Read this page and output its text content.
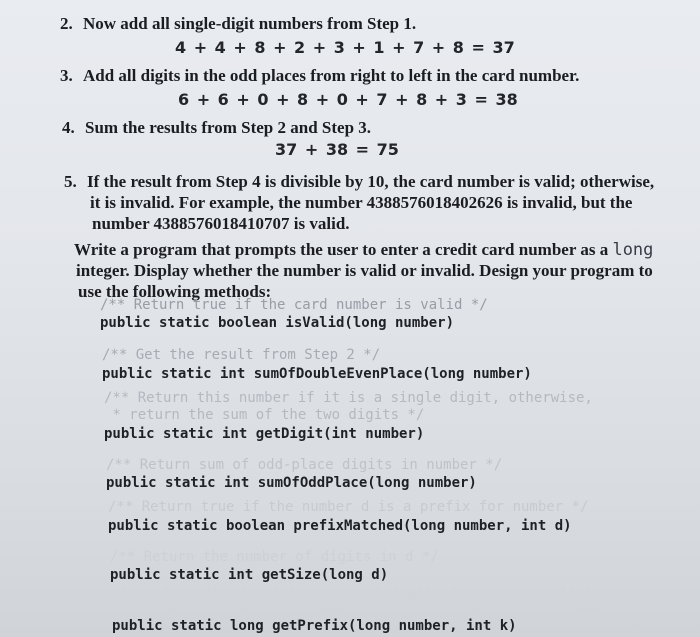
2. Now add all single-digit numbers from Step 1.
4 + 4 + 8 + 2 + 3 + 1 + 7 + 8 = 37
3. Add all digits in the odd places from right to left in the card number.
6 + 6 + 0 + 8 + 0 + 7 + 8 + 3 = 38
4. Sum the results from Step 2 and Step 3.
37 + 38 = 75
5. If the result from Step 4 is divisible by 10, the card number is valid; otherwise,
it is invalid. For example, the number 4388576018402626 is invalid, but the
number 4388576018410707 is valid.
Write a program that prompts the user to enter a credit card number as a long
integer. Display whether the number is valid or invalid. Design your program to
use the following methods:
/** Return true if the card number is valid */
public static boolean isValid(long number)
/** Get the result from Step 2 */
public static int sumOfDoubleEvenPlace(long number)
/** Return this number if it is a single digit, otherwise,
* return the sum of the two digits */
public static int getDigit(int number)
/** Return sum of odd-place digits in number */
public static int sumOfOddPlace(long number)
/** Return true if the number d is a prefix for number */
public static boolean prefixMatched(long number, int d)
/** Return the number of digits in d */
public static int getSize(long d)
/** Return the first k number of digits from number. If the
* number of digits in number is less than k, return number
public static long getPrefix(long number, int k)
